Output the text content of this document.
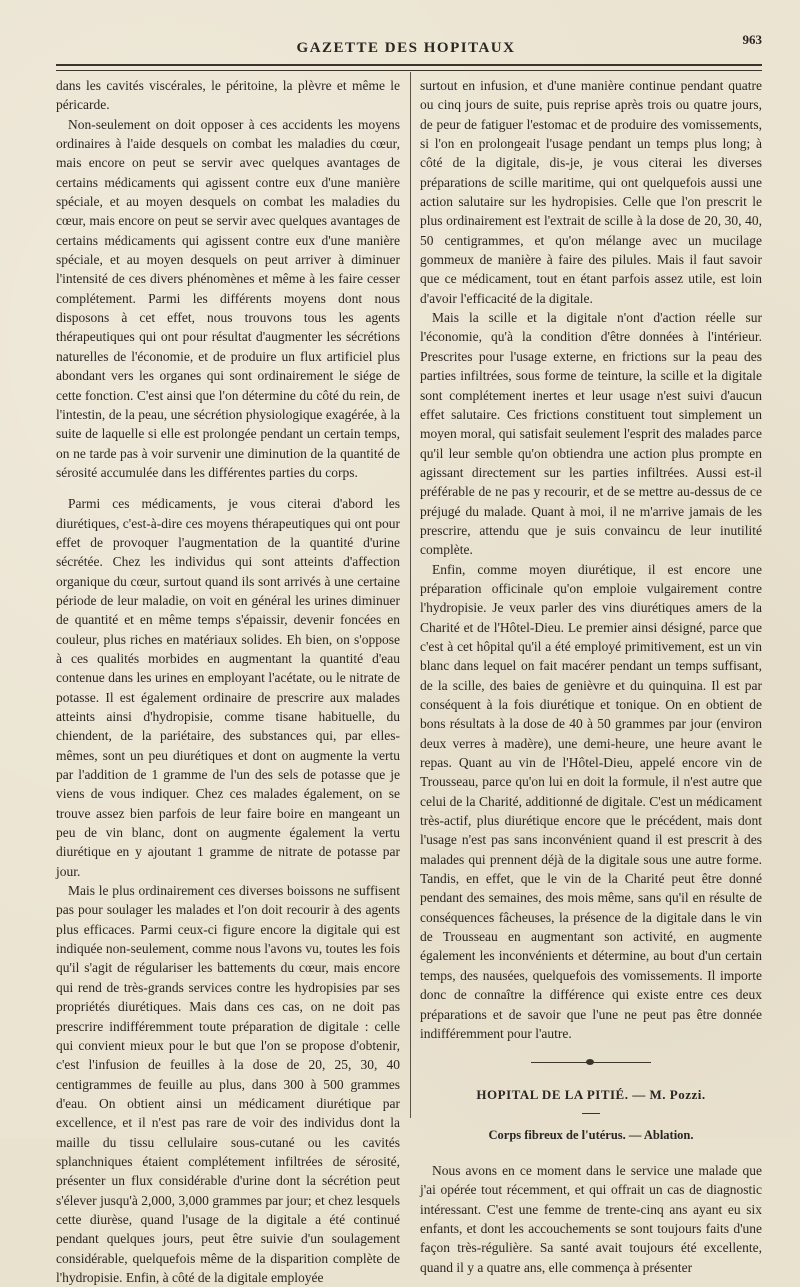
GAZETTE DES HOPITAUX
963

dans les cavités viscérales, le péritoine, la plèvre et même le péricarde.

Non-seulement on doit opposer à ces accidents les moyens ordinaires à l'aide desquels on combat les maladies du cœur, mais encore on peut se servir avec quelques avantages de certains médicaments qui agissent contre eux d'une manière spéciale, et au moyen desquels on combat les maladies du cœur, mais encore on peut se servir avec quelques avantages de certains médicaments qui agissent contre eux d'une manière spéciale, et au moyen desquels on peut arriver à diminuer l'intensité de ces divers phénomènes et même à les faire cesser complétement. Parmi les différents moyens dont nous disposons à cet effet, nous trouvons tous les agents thérapeutiques qui ont pour résultat d'augmenter les sécrétions naturelles de l'économie, et de produire un flux artificiel plus abondant vers les organes qui sont ordinairement le siége de cette fonction. C'est ainsi que l'on détermine du côté du rein, de l'intestin, de la peau, une sécrétion physiologique exagérée, à la suite de laquelle si elle est prolongée pendant un certain temps, on ne tarde pas à voir survenir une diminution de la quantité de sérosité accumulée dans les différentes parties du corps.

Parmi ces médicaments, je vous citerai d'abord les diurétiques, c'est-à-dire ces moyens thérapeutiques qui ont pour effet de provoquer l'augmentation de la quantité d'urine sécrétée. Chez les individus qui sont atteints d'affection organique du cœur, surtout quand ils sont arrivés à une certaine période de leur maladie, on voit en général les urines diminuer de quantité et en même temps s'épaissir, devenir foncées en couleur, plus riches en matériaux solides. Eh bien, on s'oppose à ces qualités morbides en augmentant la quantité d'eau contenue dans les urines en employant l'acétate, ou le nitrate de potasse. Il est également ordinaire de prescrire aux malades atteints ainsi d'hydropisie, comme tisane habituelle, du chiendent, de la pariétaire, des substances qui, par elles-mêmes, sont un peu diurétiques et dont on augmente la vertu par l'addition de 1 gramme de l'un des sels de potasse que je viens de vous indiquer. Chez ces malades également, on se trouve assez bien parfois de leur faire boire en mangeant un peu de vin blanc, dont on augmente également la vertu diurétique en y ajoutant 1 gramme de nitrate de potasse par jour.

Mais le plus ordinairement ces diverses boissons ne suffisent pas pour soulager les malades et l'on doit recourir à des agents plus efficaces. Parmi ceux-ci figure encore la digitale qui est indiquée non-seulement, comme nous l'avons vu, toutes les fois qu'il s'agit de régulariser les battements du cœur, mais encore qui rend de très-grands services contre les hydropisies par ses propriétés diurétiques. Mais dans ces cas, on ne doit pas prescrire indifféremment toute préparation de digitale : celle qui convient mieux pour le but que l'on se propose d'obtenir, c'est l'infusion de feuilles à la dose de 20, 25, 30, 40 centigrammes de feuille au plus, dans 300 à 500 grammes d'eau. On obtient ainsi un médicament diurétique par excellence, et il n'est pas rare de voir des individus dont la maille du tissu cellulaire sous-cutané ou les cavités splanchniques étaient complétement infiltrées de sérosité, présenter un flux considérable d'urine dont la sécrétion peut s'élever jusqu'à 2,000, 3,000 grammes par jour; et chez lesquels cette diurèse, quand l'usage de la digitale a été continué pendant quelques jours, peut être suivie d'un soulagement considérable, quelquefois même de la disparition complète de l'hydropisie. Enfin, à côté de la digitale employée

surtout en infusion, et d'une manière continue pendant quatre ou cinq jours de suite, puis reprise après trois ou quatre jours, de peur de fatiguer l'estomac et de produire des vomissements, si l'on en prolongeait l'usage pendant un temps plus long; à côté de la digitale, dis-je, je vous citerai les diverses préparations de scille maritime, qui ont quelquefois aussi une action salutaire sur les hydropisies. Celle que l'on prescrit le plus ordinairement est l'extrait de scille à la dose de 20, 30, 40, 50 centigrammes, et qu'on mélange avec un mucilage gommeux de manière à faire des pilules. Mais il faut savoir que ce médicament, tout en étant parfois assez utile, est loin d'avoir l'efficacité de la digitale.

Mais la scille et la digitale n'ont d'action réelle sur l'économie, qu'à la condition d'être données à l'intérieur. Prescrites pour l'usage externe, en frictions sur la peau des parties infiltrées, sous forme de teinture, la scille et la digitale sont complétement inertes et leur usage n'est suivi d'aucun effet salutaire. Ces frictions constituent tout simplement un moyen moral, qui satisfait seulement l'esprit des malades parce qu'il leur semble qu'on obtiendra une action plus prompte en agissant directement sur les parties infiltrées. Aussi est-il préférable de ne pas y recourir, et de se mettre au-dessus de ce préjugé du malade. Quant à moi, il ne m'arrive jamais de les prescrire, attendu que je suis convaincu de leur inutilité complète.

Enfin, comme moyen diurétique, il est encore une préparation officinale qu'on emploie vulgairement contre l'hydropisie. Je veux parler des vins diurétiques amers de la Charité et de l'Hôtel-Dieu. Le premier ainsi désigné, parce que c'est à cet hôpital qu'il a été employé primitivement, est un vin blanc dans lequel on fait macérer pendant un temps suffisant, de la scille, des baies de genièvre et du quinquina. Il est par conséquent à la fois diurétique et tonique. On en obtient de bons résultats à la dose de 40 à 50 grammes par jour (environ deux verres à madère), une demi-heure, une heure avant le repas. Quant au vin de l'Hôtel-Dieu, appelé encore vin de Trousseau, parce qu'on lui en doit la formule, il n'est autre que celui de la Charité, additionné de digitale. C'est un médicament très-actif, plus diurétique encore que le précédent, mais dont l'usage n'est pas sans inconvénient quand il est prescrit à des malades qui prennent déjà de la digitale sous une autre forme. Tandis, en effet, que le vin de la Charité peut être donné pendant des semaines, des mois même, sans qu'il en résulte de conséquences fâcheuses, la présence de la digitale dans le vin de Trousseau en augmentant son activité, en augmente également les inconvénients et détermine, au bout d'un certain temps, des nausées, quelquefois des vomissements. Il importe donc de connaître la différence qui existe entre ces deux préparations et de savoir que l'une ne peut pas être donnée indifféremment pour l'autre.

HOPITAL DE LA PITIÉ. — M. Pozzi.
Corps fibreux de l'utérus. — Ablation.

Nous avons en ce moment dans le service une malade que j'ai opérée tout récemment, et qui offrait un cas de diagnostic intéressant. C'est une femme de trente-cinq ans ayant eu six enfants, et dont les accouchements se sont toujours faits d'une façon très-régulière. Sa santé avait toujours été excellente, quand il y a quatre ans, elle commença à présenter
